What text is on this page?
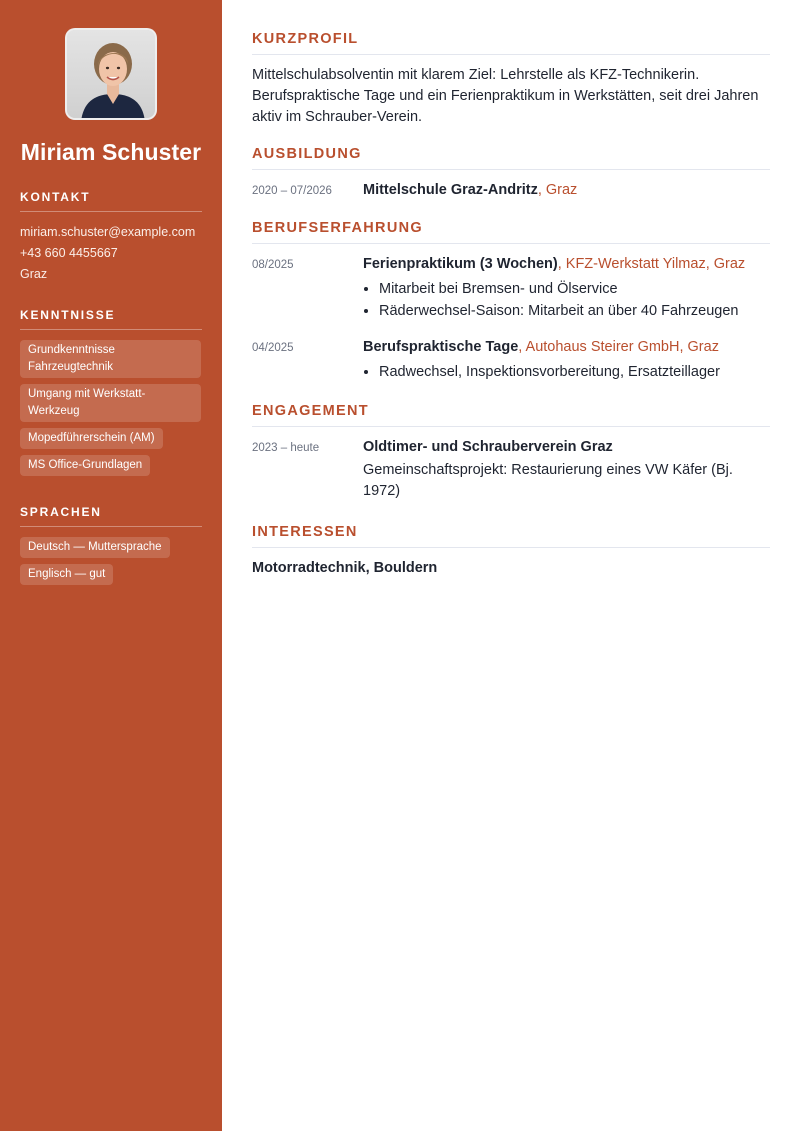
Miriam Schuster
KONTAKT
miriam.schuster@example.com
+43 660 4455667
Graz
KENNTNISSE
Grundkenntnisse Fahrzeugtechnik
Umgang mit Werkstatt-Werkzeug
Mopedführerschein (AM)
MS Office-Grundlagen
SPRACHEN
Deutsch — Muttersprache
Englisch — gut
KURZPROFIL

Mittelschulabsolventin mit klarem Ziel: Lehrstelle als KFZ-Technikerin. Berufspraktische Tage und ein Ferienpraktikum in Werkstätten, seit drei Jahren aktiv im Schrauber-Verein.

AUSBILDUNG
2020 – 07/2026	Mittelschule Graz-Andritz, Graz
BERUFSERFAHRUNG
08/2025	Ferienpraktikum (3 Wochen), KFZ-Werkstatt Yilmaz, Graz
• Mitarbeit bei Bremsen- und Ölservice
• Räderwechsel-Saison: Mitarbeit an über 40 Fahrzeugen
04/2025	Berufspraktische Tage, Autohaus Steirer GmbH, Graz
• Radwechsel, Inspektionsvorbereitung, Ersatzteillager
ENGAGEMENT
2023 – heute	Oldtimer- und Schrauberverein Graz
Gemeinschaftsprojekt: Restaurierung eines VW Käfer (Bj. 1972)
INTERESSEN
Motorradtechnik, Bouldern
